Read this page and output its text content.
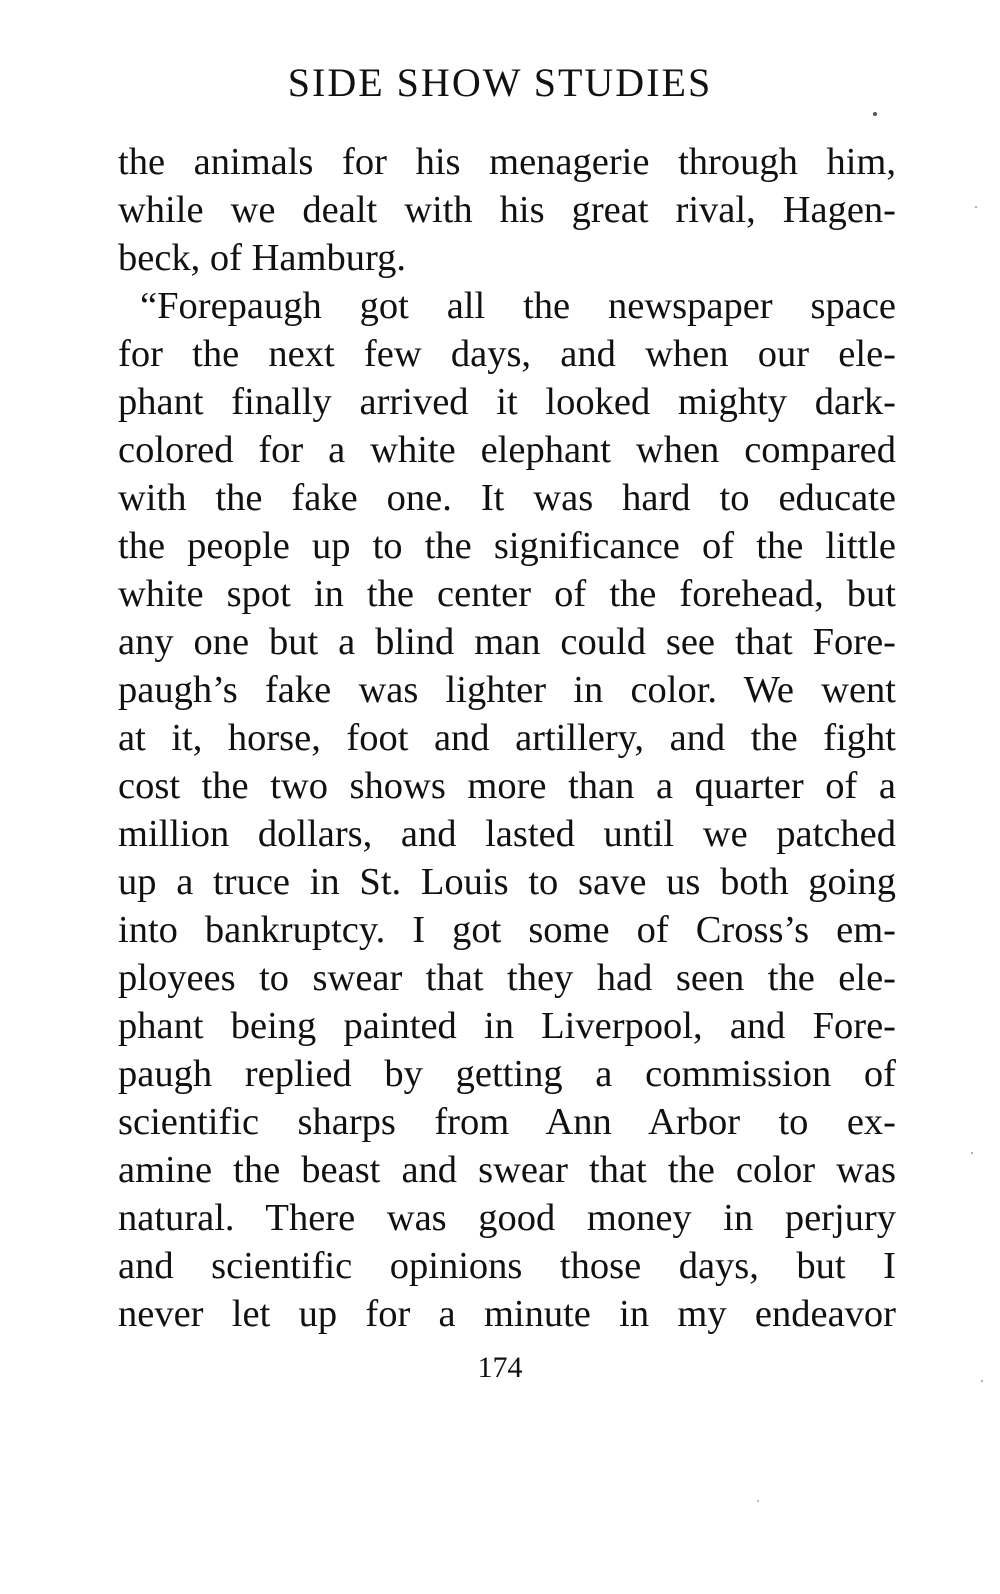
SIDE SHOW STUDIES
the animals for his menagerie through him,
while we dealt with his great rival, Hagen-
beck, of Hamburg.
“Forepaugh got all the newspaper space
for the next few days, and when our ele-
phant finally arrived it looked mighty dark-
colored for a white elephant when compared
with the fake one. It was hard to educate
the people up to the significance of the little
white spot in the center of the forehead, but
any one but a blind man could see that Fore-
paugh’s fake was lighter in color. We went
at it, horse, foot and artillery, and the fight
cost the two shows more than a quarter of a
million dollars, and lasted until we patched
up a truce in St. Louis to save us both going
into bankruptcy. I got some of Cross’s em-
ployees to swear that they had seen the ele-
phant being painted in Liverpool, and Fore-
paugh replied by getting a commission of
scientific sharps from Ann Arbor to ex-
amine the beast and swear that the color was
natural. There was good money in perjury
and scientific opinions those days, but I
never let up for a minute in my endeavor
174
